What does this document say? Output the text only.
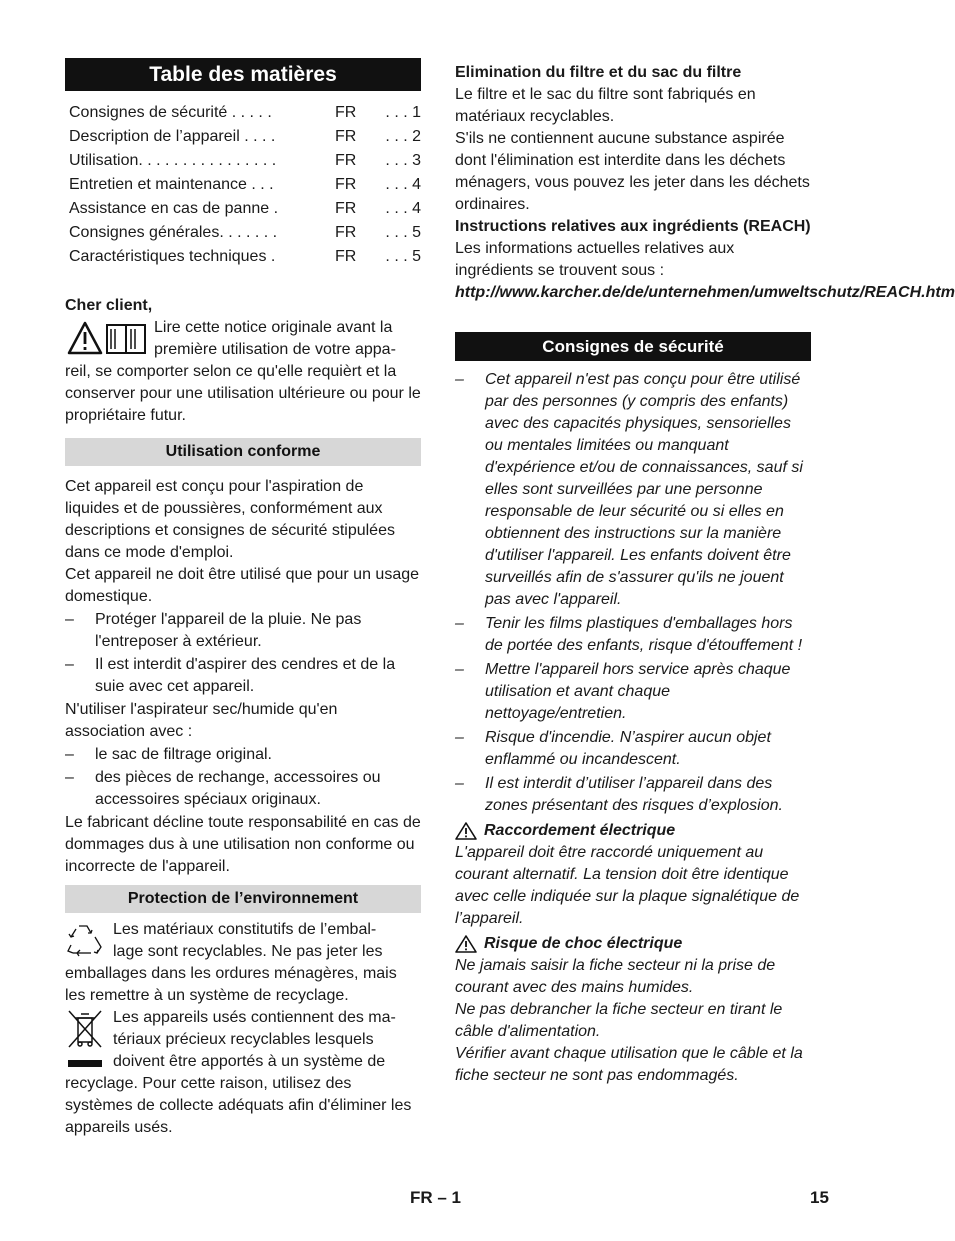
Table des matières
Consignes de sécurité . . . . .	FR	. . . 1
Description de l’appareil . . . .	FR	. . . 2
Utilisation. . . . . . . . . . . . . . . .	FR	. . . 3
Entretien et maintenance . . .	FR	. . . 4
Assistance en cas de panne .	FR	. . . 4
Consignes générales. . . . . . .	FR	. . . 5
Caractéristiques techniques .	FR	. . . 5

Cher client,

Lire cette notice originale avant la

première utilisation de votre appa-

reil, se comporter selon ce qu'elle requièrt et la conserver pour une utilisation ultérieure ou pour le propriétaire futur.

Utilisation conforme

Cet appareil est conçu pour l'aspiration de liquides et de poussières, conformément aux descriptions et consignes de sécurité stipulées dans ce mode d'emploi.

Cet appareil ne doit être utilisé que pour un usage domestique.

– Protéger l'appareil de la pluie. Ne pas l'entreposer à extérieur.
– Il est interdit d'aspirer des cendres et de la suie avec cet appareil.

N'utiliser l'aspirateur sec/humide qu'en association avec :

– le sac de filtrage original.
– des pièces de rechange, accessoires ou accessoires spéciaux originaux.

Le fabricant décline toute responsabilité en cas de dommages dus à une utilisation non conforme ou incorrecte de l'appareil.

Protection de l’environnement

Les matériaux constitutifs de l’embal-

lage sont recyclables. Ne pas jeter les

emballages dans les ordures ménagères, mais les remettre à un système de recyclage.

Les appareils usés contiennent des ma-

tériaux précieux recyclables lesquels

doivent être apportés à un système de

recyclage. Pour cette raison, utilisez des systèmes de collecte adéquats afin d'éliminer les appareils usés.

Elimination du filtre et du sac du filtre

Le filtre et le sac du filtre sont fabriqués en matériaux recyclables.

S'ils ne contiennent aucune substance aspirée dont l'élimination est interdite dans les déchets ménagers, vous pouvez les jeter dans les déchets ordinaires.

Instructions relatives aux ingrédients (REACH)

Les informations actuelles relatives aux ingrédients se trouvent sous :

http://www.karcher.de/de/unternehmen/umweltschutz/REACH.htm

Consignes de sécurité
– Cet appareil n'est pas conçu pour être utilisé par des personnes (y compris des enfants) avec des capacités physiques, sensorielles ou mentales limitées ou manquant d'expérience et/ou de connaissances, sauf si elles sont surveillées par une personne responsable de leur sécurité ou si elles en obtiennent des instructions sur la manière d'utiliser l'appareil. Les enfants doivent être surveillés afin de s'assurer qu'ils ne jouent pas avec l'appareil.
– Tenir les films plastiques d'emballages hors de portée des enfants, risque d'étouffement !
– Mettre l'appareil hors service après chaque utilisation et avant chaque nettoyage/entretien.
– Risque d'incendie. N’aspirer aucun objet enflammé ou incandescent.
– Il est interdit d’utiliser l’appareil dans des zones présentant des risques d’explosion.

Raccordement électrique

L'appareil doit être raccordé uniquement au courant alternatif. La tension doit être identique avec celle indiquée sur la plaque signalétique de l’appareil.

Risque de choc électrique

Ne jamais saisir la fiche secteur ni la prise de courant avec des mains humides.

Ne pas debrancher la fiche secteur en tirant le câble d'alimentation.

Vérifier avant chaque utilisation que le câble et la fiche secteur ne sont pas endommagés.

FR – 1	15
